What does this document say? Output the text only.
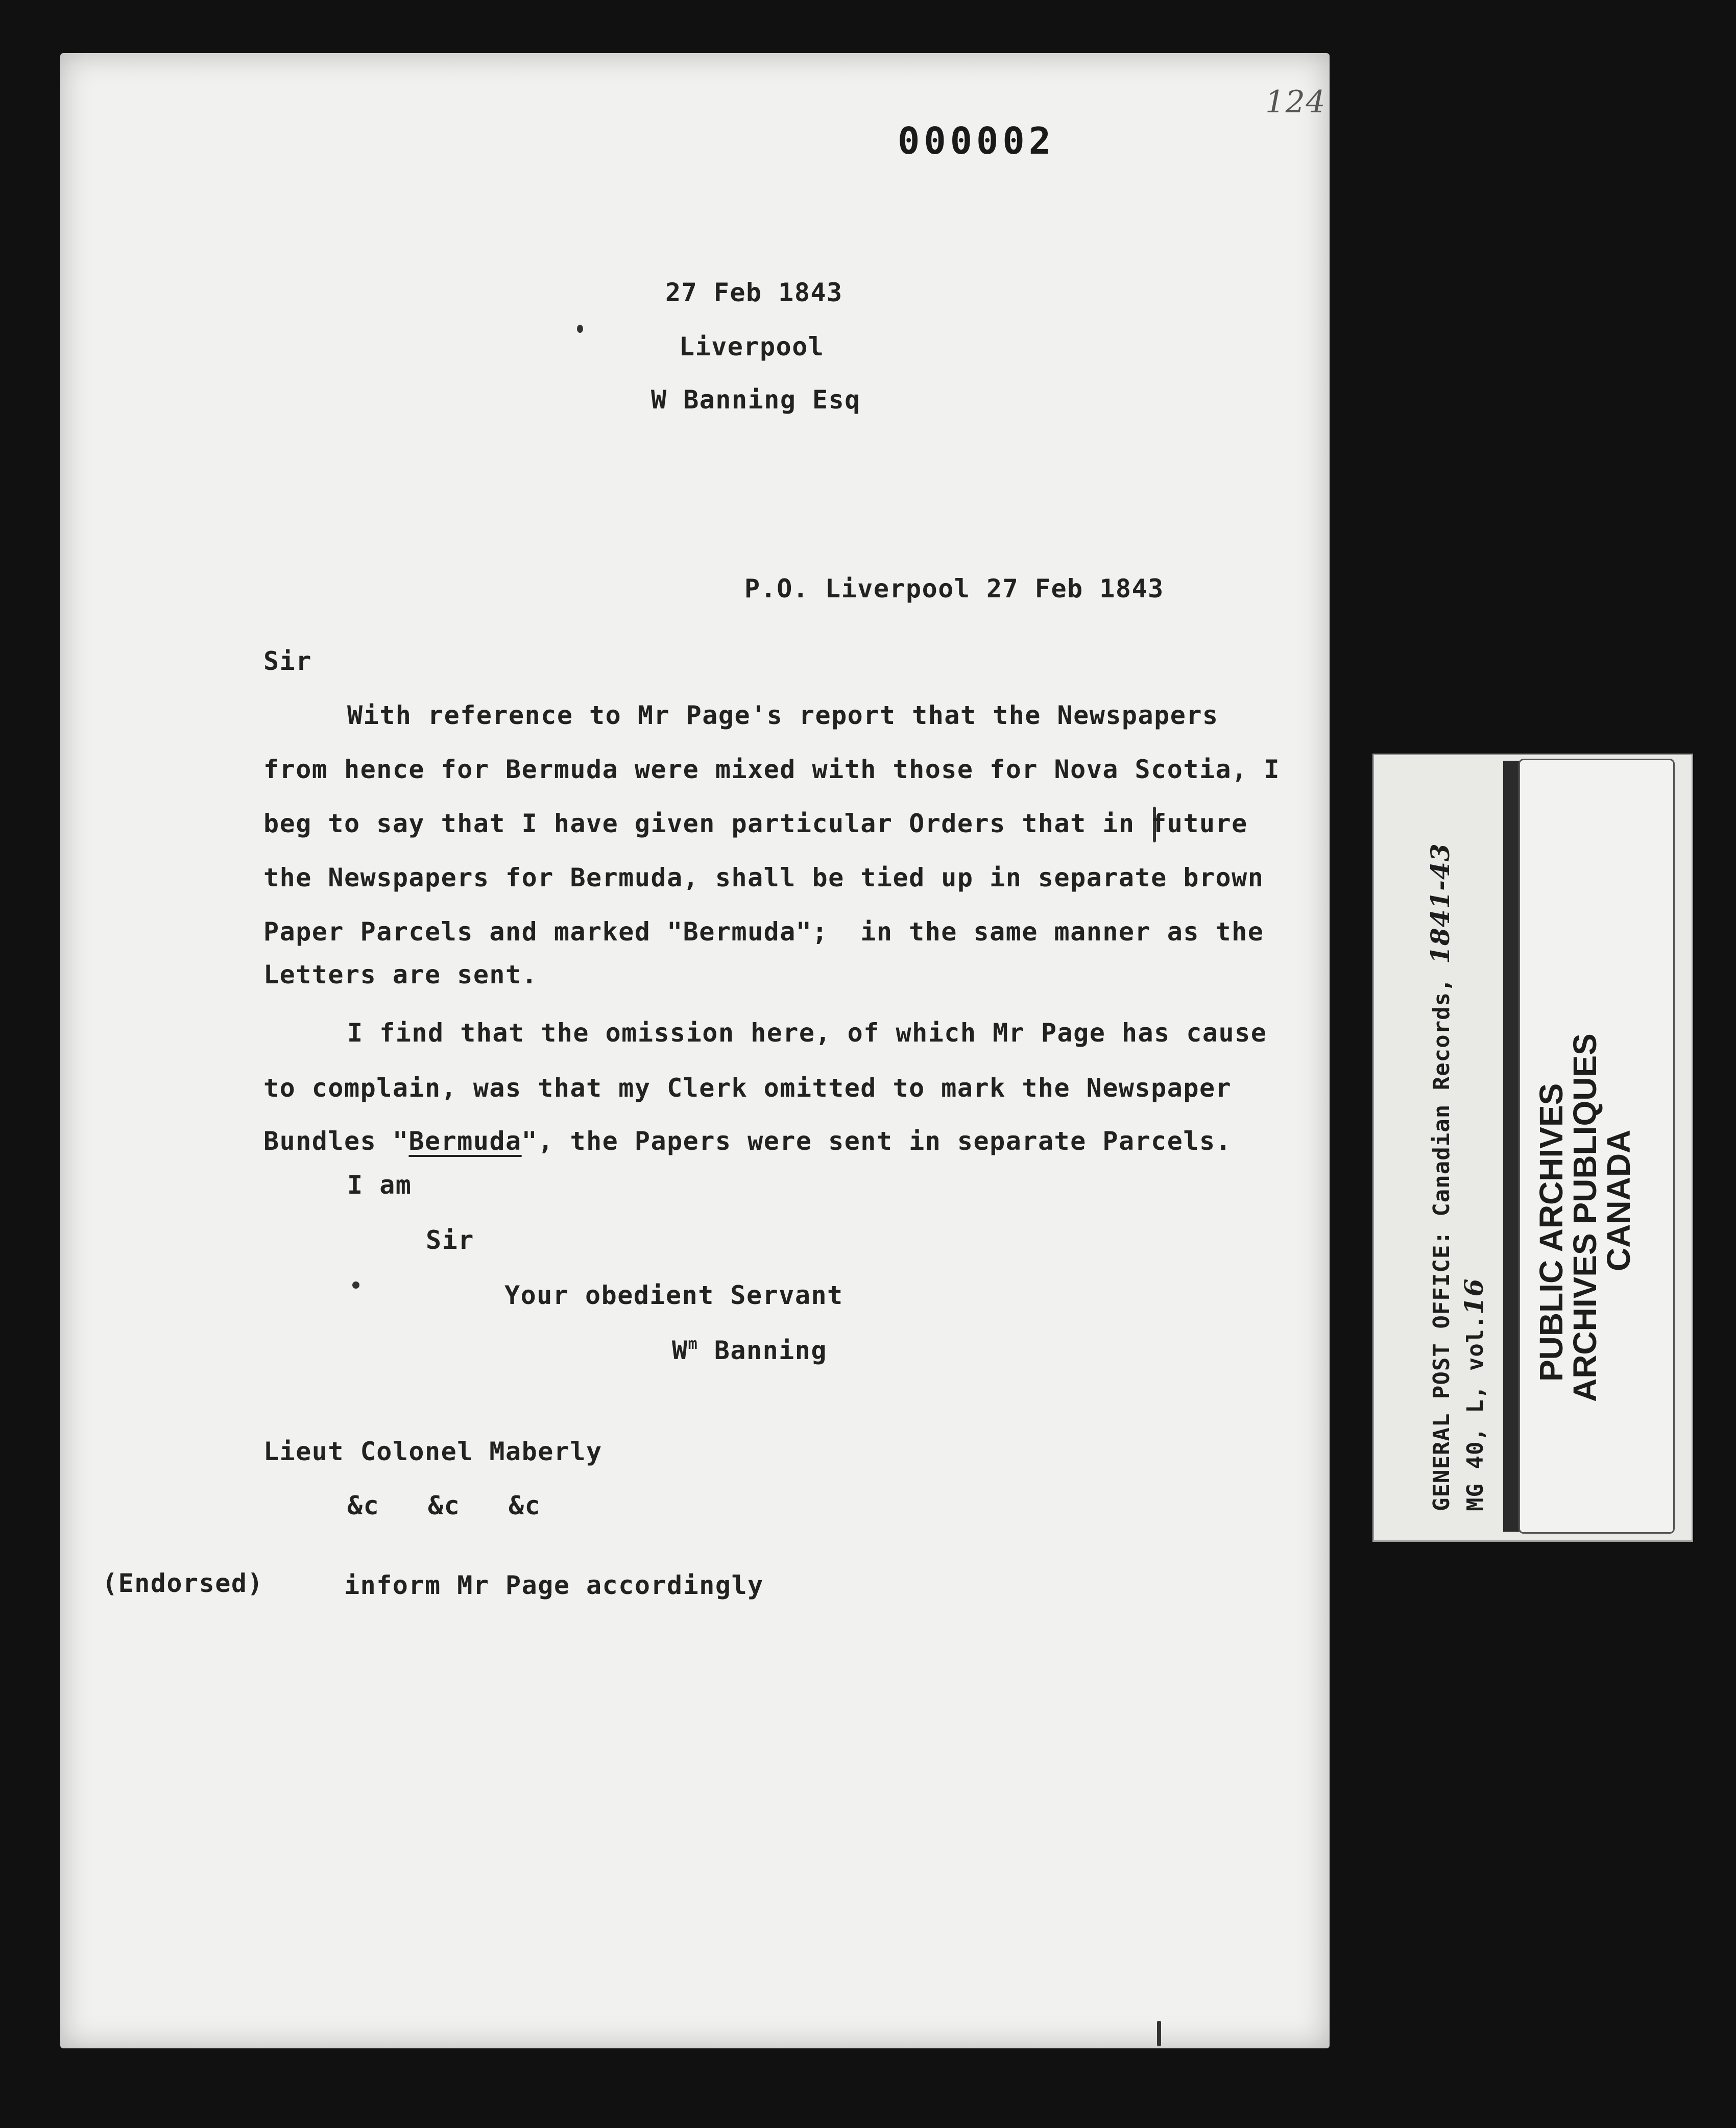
124
000002
27 Feb 1843
Liverpool
W Banning Esq
P.O. Liverpool 27 Feb 1843
Sir
With reference to Mr Page's report that the Newspapers
from hence for Bermuda were mixed with those for Nova Scotia, I
beg to say that I have given particular Orders that in future
the Newspapers for Bermuda, shall be tied up in separate brown
Paper Parcels and marked "Bermuda";  in the same manner as the
Letters are sent.
I find that the omission here, of which Mr Page has cause
to complain, was that my Clerk omitted to mark the Newspaper
Bundles "Bermuda", the Papers were sent in separate Parcels.
I am
Sir
Your obedient Servant
$W^m$ Banning
Lieut Colonel Maberly
&c   &c   &c
(Endorsed)	inform Mr Page accordingly
GENERAL POST OFFICE: Canadian Records, 1841-43
MG 40, L, vol.16 PUBLIC ARCHIVES
ARCHIVES PUBLIQUES
CANADA
